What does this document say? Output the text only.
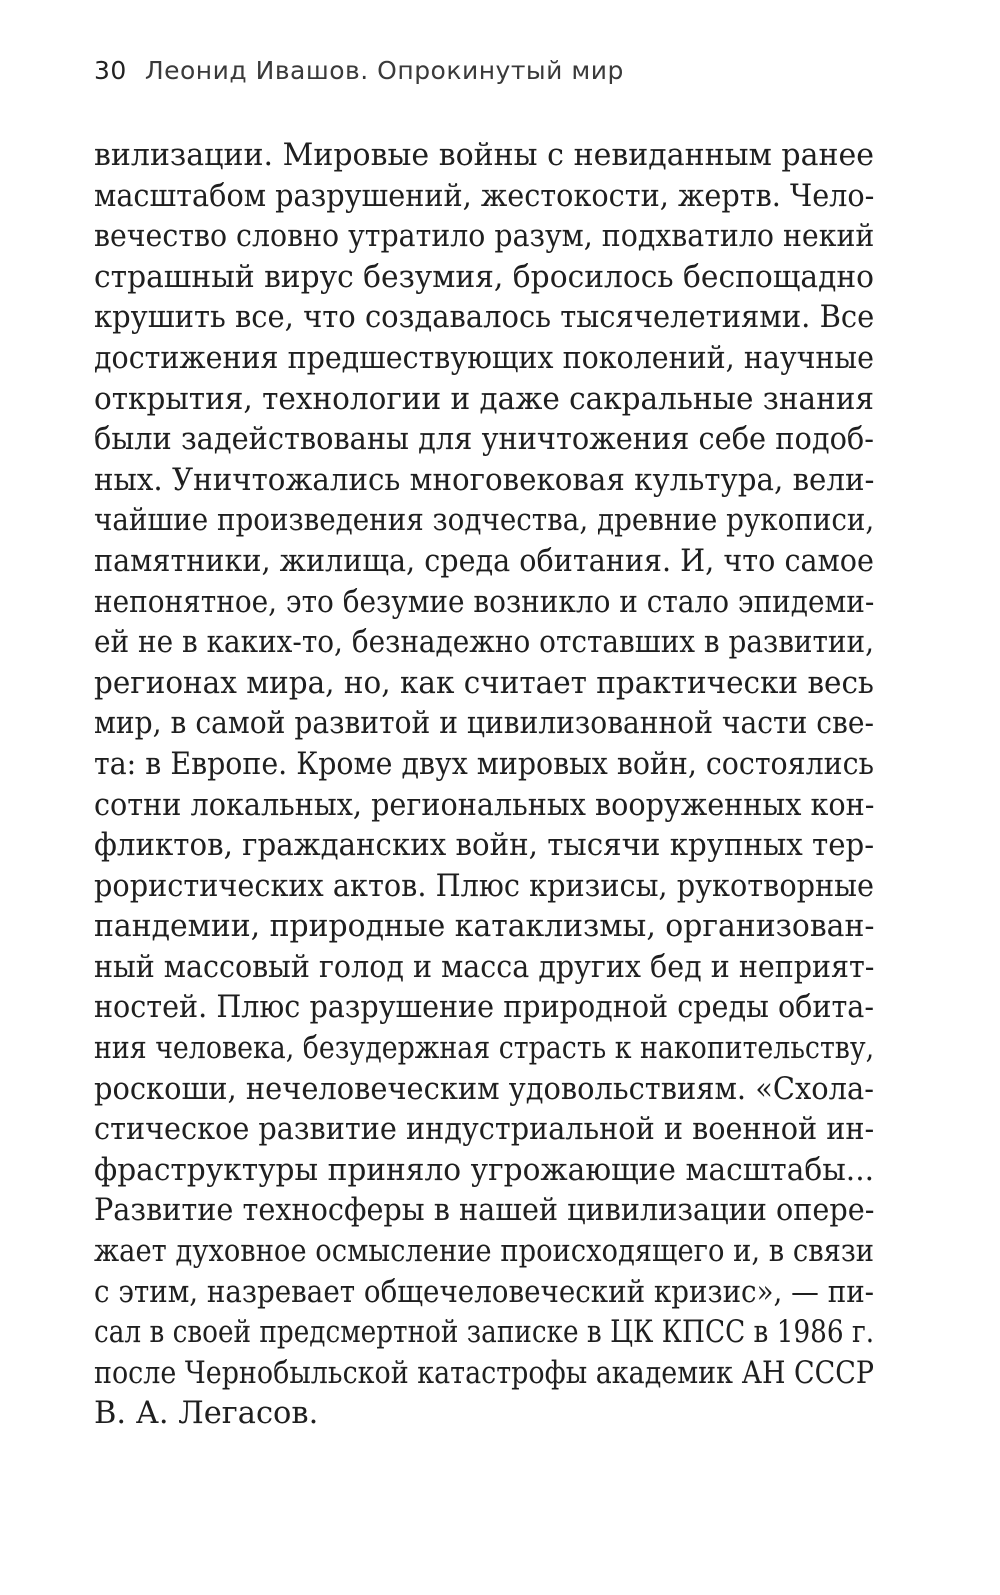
30 Леонид Ивашов. Опрокинутый мир
вилизации. Мировые войны с невиданным ранее
масштабом разрушений, жестокости, жертв. Чело-
вечество словно утратило разум, подхватило некий
страшный вирус безумия, бросилось беспощадно
крушить все, что создавалось тысячелетиями. Все
достижения предшествующих поколений, научные
открытия, технологии и даже сакральные знания
были задействованы для уничтожения себе подоб-
ных. Уничтожались многовековая культура, вели-
чайшие произведения зодчества, древние рукописи,
памятники, жилища, среда обитания. И, что самое
непонятное, это безумие возникло и стало эпидеми-
ей не в каких-то, безнадежно отставших в развитии,
регионах мира, но, как считает практически весь
мир, в самой развитой и цивилизованной части све-
та: в Европе. Кроме двух мировых войн, состоялись
сотни локальных, региональных вооруженных кон-
фликтов, гражданских войн, тысячи крупных тер-
рористических актов. Плюс кризисы, рукотворные
пандемии, природные катаклизмы, организован-
ный массовый голод и масса других бед и неприят-
ностей. Плюс разрушение природной среды обита-
ния человека, безудержная страсть к накопительству,
роскоши, нечеловеческим удовольствиям. «Схола-
стическое развитие индустриальной и военной ин-
фраструктуры приняло угрожающие масштабы...
Развитие техносферы в нашей цивилизации опере-
жает духовное осмысление происходящего и, в связи
с этим, назревает общечеловеческий кризис», — пи-
сал в своей предсмертной записке в ЦК КПСС в 1986 г.
после Чернобыльской катастрофы академик АН СССР
В. А. Легасов.
